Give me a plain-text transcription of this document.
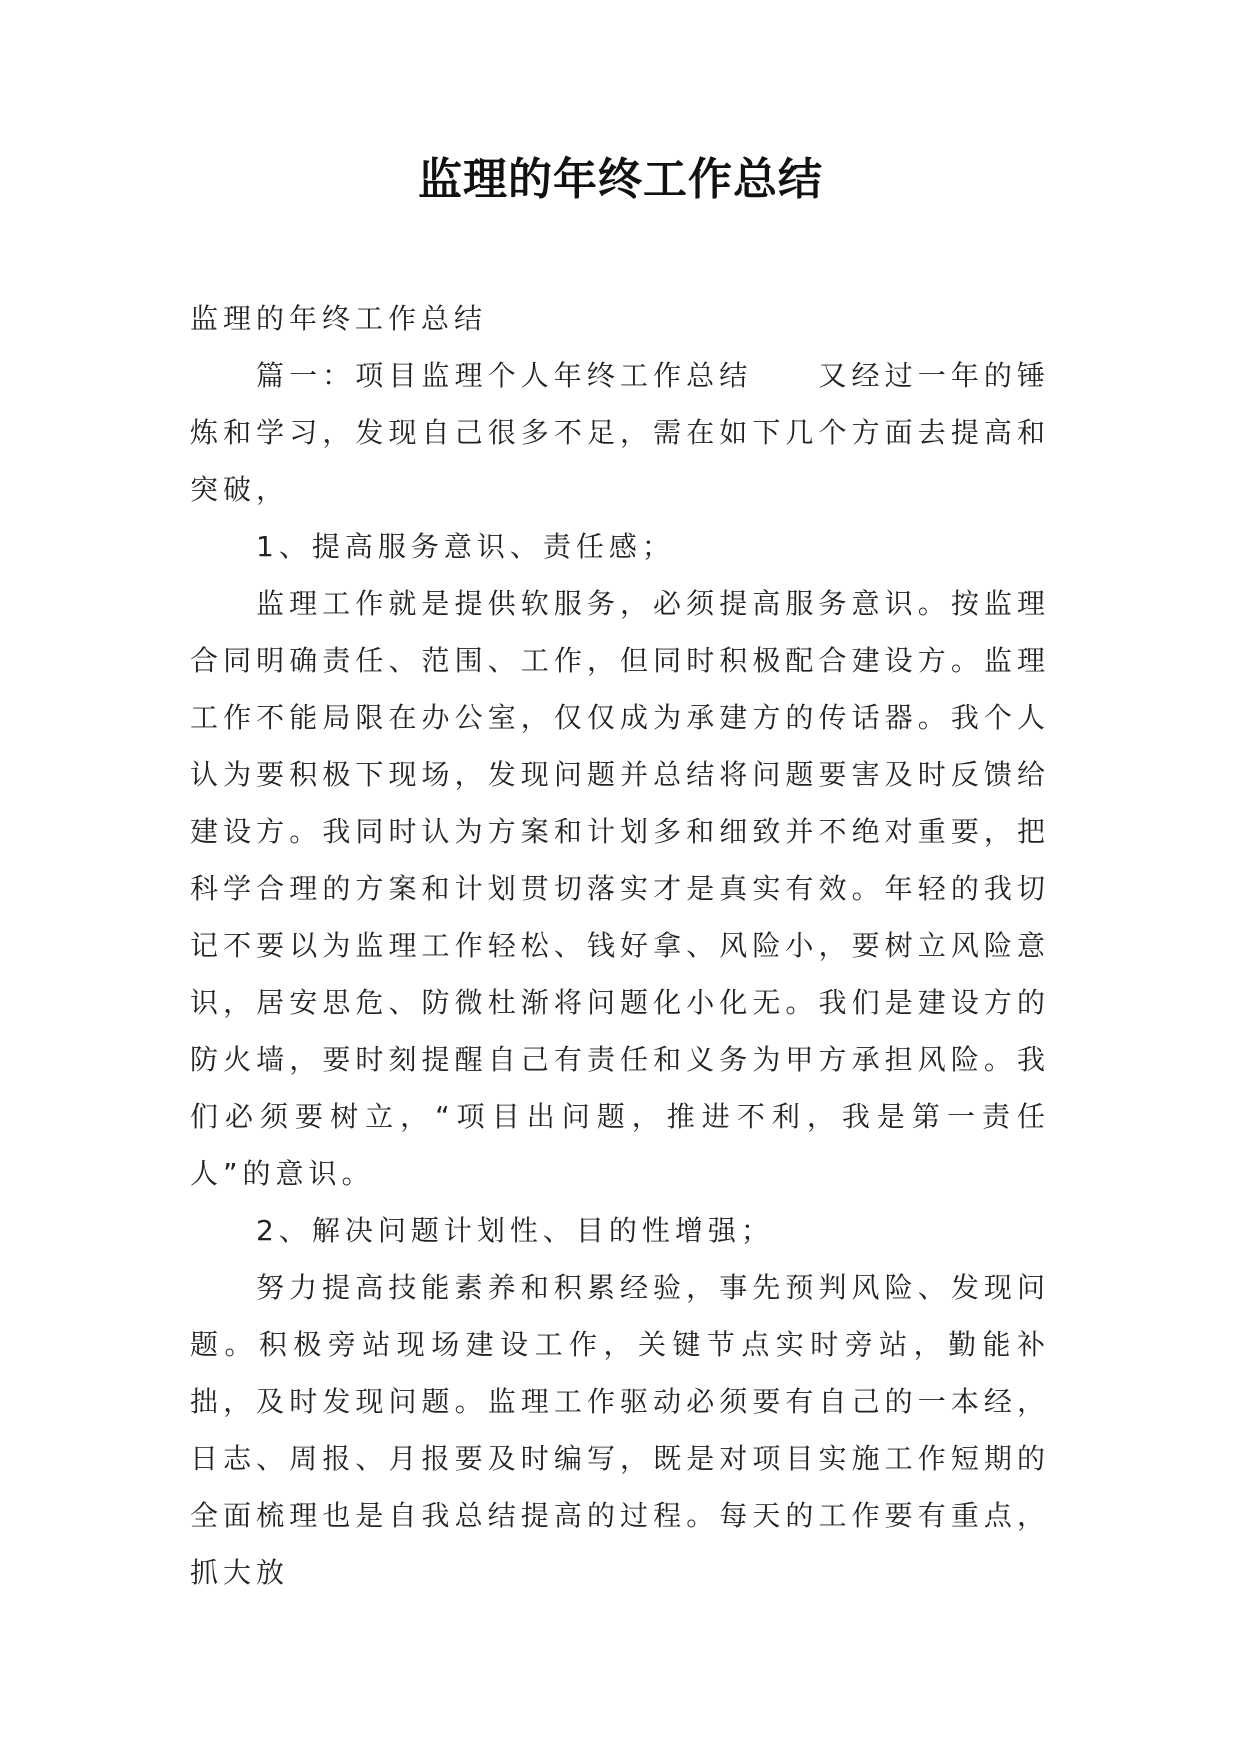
监理的年终工作总结

监理的年终工作总结

篇一：项目监理个人年终工作总结　　又经过一年的锤炼和学习，发现自己很多不足，需在如下几个方面去提高和突破，

1、提高服务意识、责任感；

监理工作就是提供软服务，必须提高服务意识。按监理合同明确责任、范围、工作，但同时积极配合建设方。监理工作不能局限在办公室，仅仅成为承建方的传话器。我个人认为要积极下现场，发现问题并总结将问题要害及时反馈给建设方。我同时认为方案和计划多和细致并不绝对重要，把科学合理的方案和计划贯切落实才是真实有效。年轻的我切记不要以为监理工作轻松、钱好拿、风险小，要树立风险意识，居安思危、防微杜渐将问题化小化无。我们是建设方的防火墙，要时刻提醒自己有责任和义务为甲方承担风险。我们必须要树立，“项目出问题，推进不利，我是第一责任人”的意识。

2、解决问题计划性、目的性增强；

努力提高技能素养和积累经验，事先预判风险、发现问题。积极旁站现场建设工作，关键节点实时旁站，勤能补拙，及时发现问题。监理工作驱动必须要有自己的一本经，日志、周报、月报要及时编写，既是对项目实施工作短期的全面梳理也是自我总结提高的过程。每天的工作要有重点，抓大放
